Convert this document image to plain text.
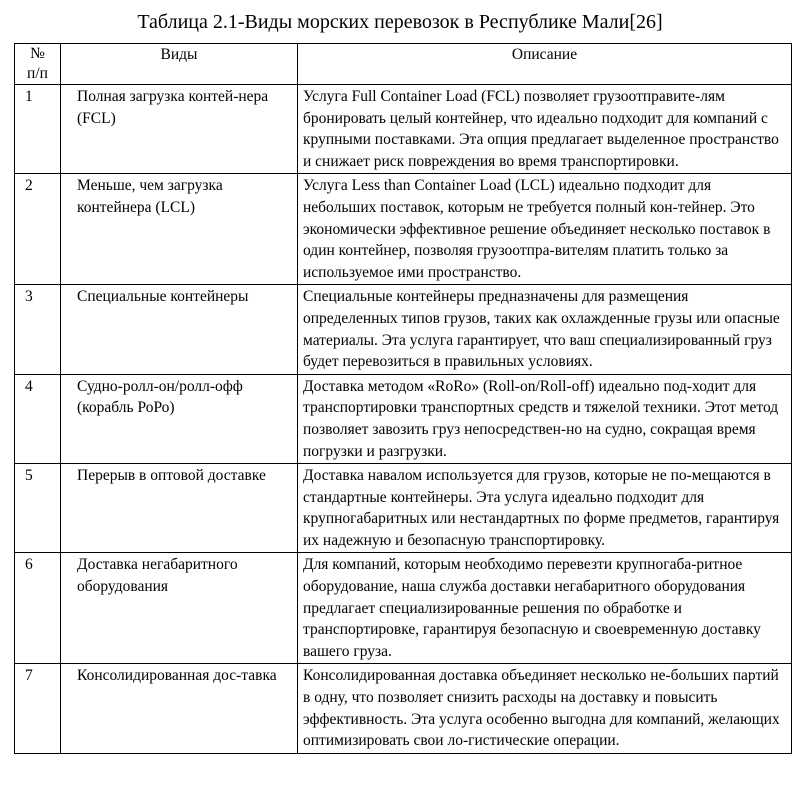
Таблица 2.1-Виды морских перевозок в Республике Мали[26]
№
п/п	Виды	Описание
1	Полная загрузка контей-нера (FCL)	Услуга Full Container Load (FCL) позволяет грузоотправите-лям бронировать целый контейнер, что идеально подходит для компаний с крупными поставками. Эта опция предлагает выделенное пространство и снижает риск повреждения во время транспортировки.
2	Меньше, чем загрузка контейнера (LCL)	Услуга Less than Container Load (LCL) идеально подходит для небольших поставок, которым не требуется полный кон-тейнер. Это экономически эффективное решение объединяет несколько поставок в один контейнер, позволяя грузоотпра-вителям платить только за используемое ими пространство.
3	Специальные контейнеры	Специальные контейнеры предназначены для размещения определенных типов грузов, таких как охлажденные грузы или опасные материалы. Эта услуга гарантирует, что ваш специализированный груз будет перевозиться в правильных условиях.
4	Судно-ролл-он/ролл-офф (корабль РоРо)	Доставка методом «RoRo» (Roll-on/Roll-off) идеально под-ходит для транспортировки транспортных средств и тяжелой техники. Этот метод позволяет завозить груз непосредствен-но на судно, сокращая время погрузки и разгрузки.
5	Перерыв в оптовой доставке	Доставка навалом используется для грузов, которые не по-мещаются в стандартные контейнеры. Эта услуга идеально подходит для крупногабаритных или нестандартных по форме предметов, гарантируя их надежную и безопасную транспортировку.
6	Доставка негабаритного оборудования	Для компаний, которым необходимо перевезти крупногаба-ритное оборудование, наша служба доставки негабаритного оборудования предлагает специализированные решения по обработке и транспортировке, гарантируя безопасную и своевременную доставку вашего груза.
7	Консолидированная дос-тавка	Консолидированная доставка объединяет несколько не-больших партий в одну, что позволяет снизить расходы на доставку и повысить эффективность. Эта услуга особенно выгодна для компаний, желающих оптимизировать свои ло-гистические операции.
